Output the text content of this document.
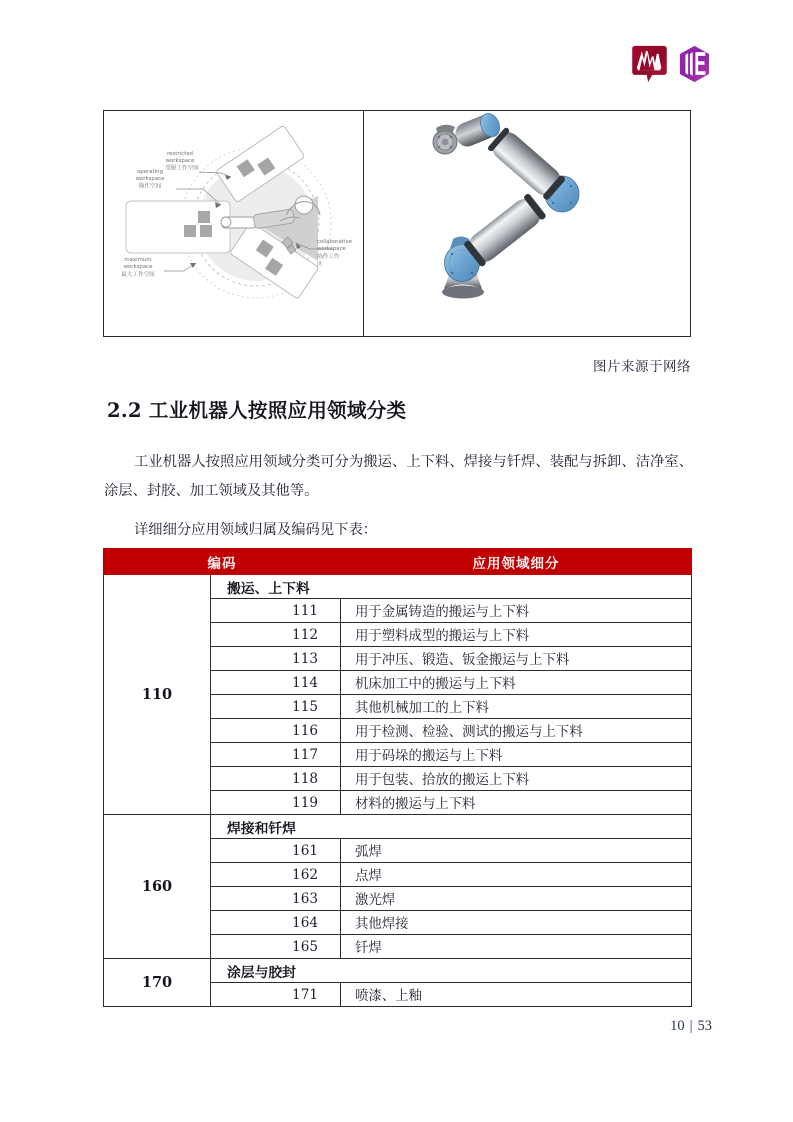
restricted
workspace
受限工作空间
operating
workspace
操作空间
maximum
workspace
最大工作空间
collaborative
workspace
协作工作
区
图片来源于网络
2.2 工业机器人按照应用领域分类
工业机器人按照应用领域分类可分为搬运、上下料、焊接与钎焊、装配与拆卸、洁净室、涂层、封胶、加工领域及其他等。
详细细分应用领域归属及编码见下表：
编码		应用领域细分
110	搬运、上下料	
	111	用于金属铸造的搬运与上下料
	112	用于塑料成型的搬运与上下料
	113	用于冲压、锻造、钣金搬运与上下料
	114	机床加工中的搬运与上下料
	115	其他机械加工的上下料
	116	用于检测、检验、测试的搬运与上下料
	117	用于码垛的搬运与上下料
	118	用于包装、拾放的搬运上下料
	119	材料的搬运与上下料
160	焊接和钎焊	
	161	弧焊
	162	点焊
	163	激光焊
	164	其他焊接
	165	钎焊
170	涂层与胶封	
	171	喷漆、上釉
10 | 53
